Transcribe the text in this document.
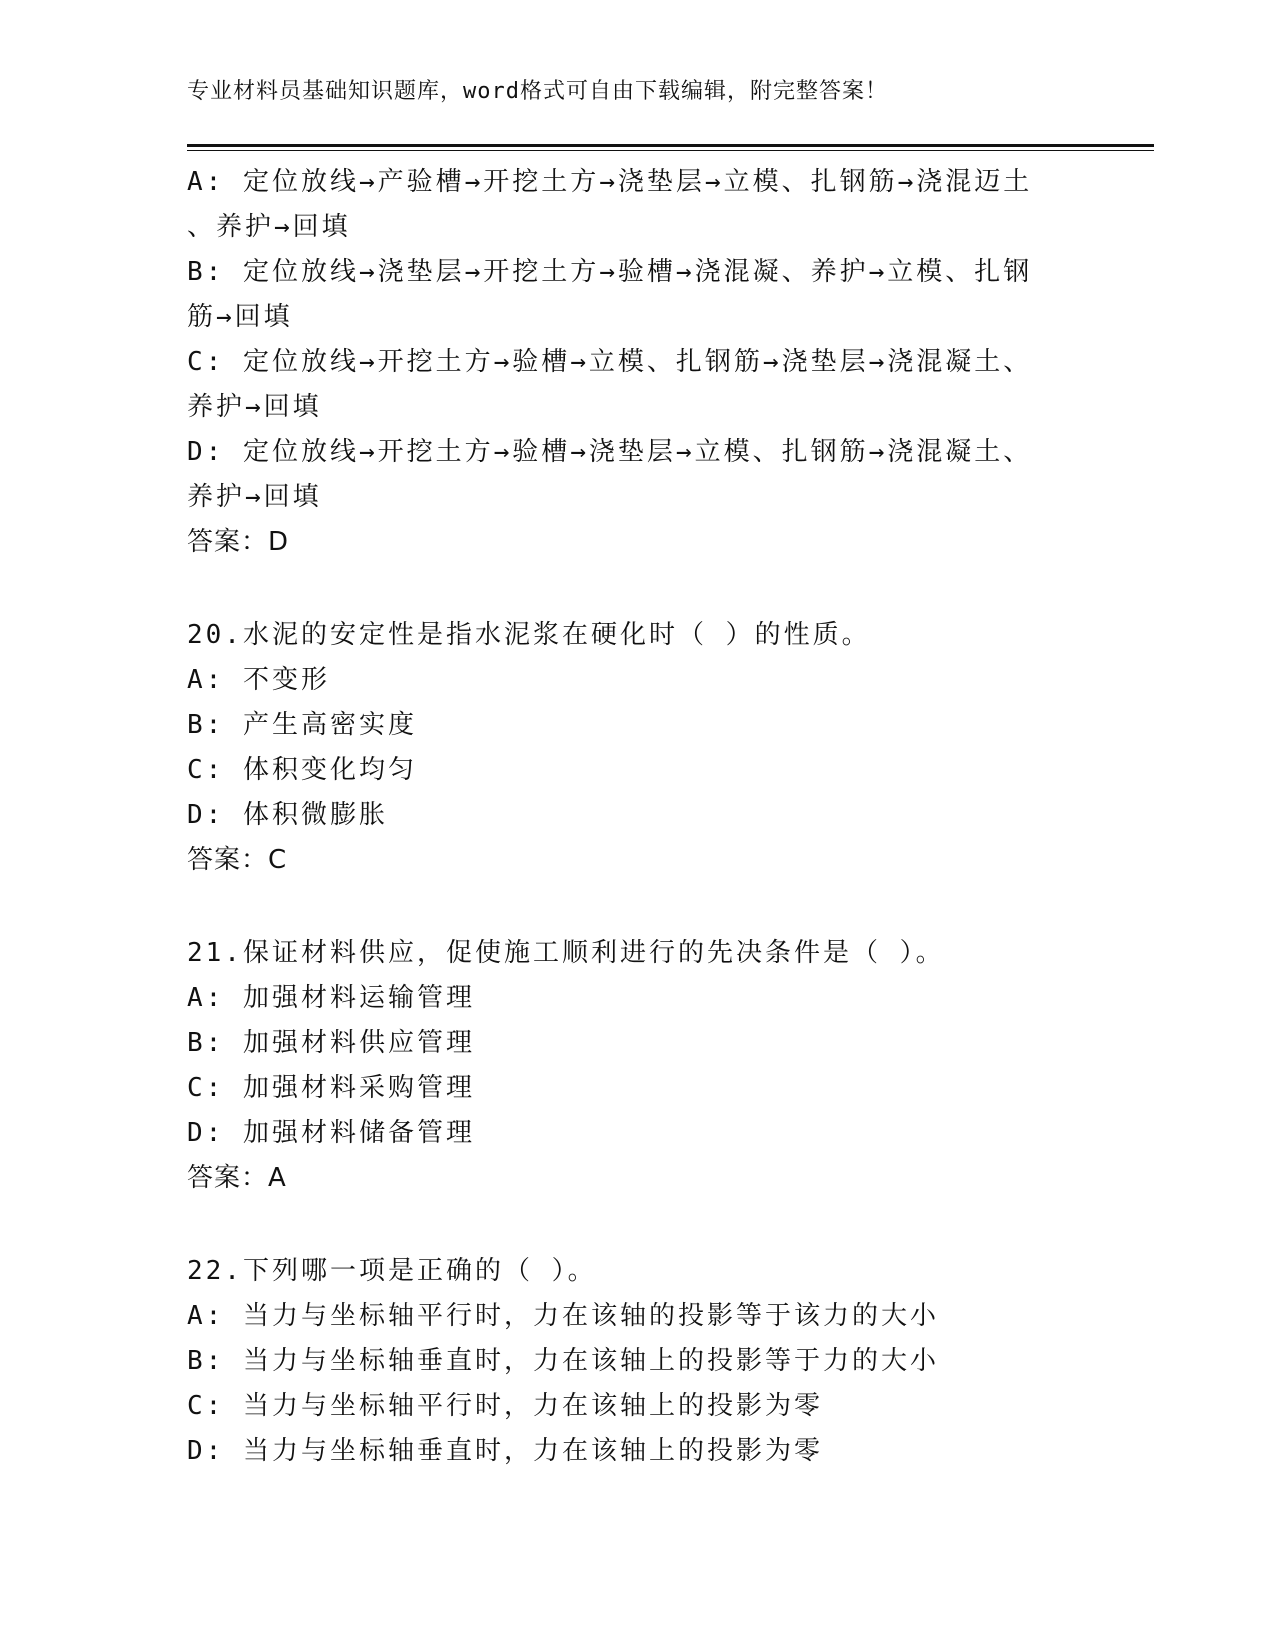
专业材料员基础知识题库，word格式可自由下载编辑，附完整答案！
A: 定位放线→产验槽→开挖土方→浇垫层→立模、扎钢筋→浇混迈土
、养护→回填
B: 定位放线→浇垫层→开挖土方→验槽→浇混凝、养护→立模、扎钢
筋→回填
C: 定位放线→开挖土方→验槽→立模、扎钢筋→浇垫层→浇混凝土、
养护→回填
D: 定位放线→开挖土方→验槽→浇垫层→立模、扎钢筋→浇混凝土、
养护→回填
答案：D
20.水泥的安定性是指水泥浆在硬化时（ ）的性质。
A: 不变形
B: 产生高密实度
C: 体积变化均匀
D: 体积微膨胀
答案：C
21.保证材料供应，促使施工顺利进行的先决条件是（ ）。
A: 加强材料运输管理
B: 加强材料供应管理
C: 加强材料采购管理
D: 加强材料储备管理
答案：A
22.下列哪一项是正确的（ ）。
A: 当力与坐标轴平行时，力在该轴的投影等于该力的大小
B: 当力与坐标轴垂直时，力在该轴上的投影等于力的大小
C: 当力与坐标轴平行时，力在该轴上的投影为零
D: 当力与坐标轴垂直时，力在该轴上的投影为零
